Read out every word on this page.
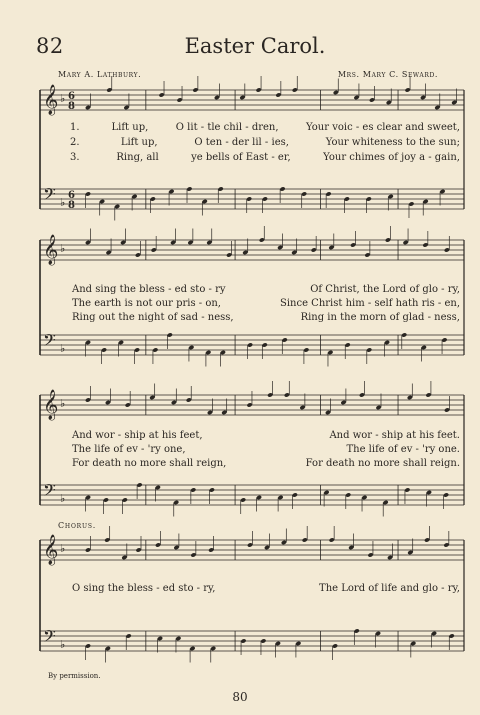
82	Easter Carol.
Mary A. Lathbury.	Mrs. Mary C. Seward.
𝄞
𝄢
♭
♭
6
8
6
8
1.	Lift up,	O lit - tle chil - dren,	Your voic - es clear and sweet,
2.	Lift up,	O ten - der lil - ies,	Your whiteness to the sun;
3.	Ring, all	ye bells of East - er,	Your chimes of joy a - gain,
𝄞
𝄢
♭
♭
And sing the bless - ed sto - ry	Of Christ, the Lord of glo - ry,
The earth is not our pris - on,	Since Christ him - self hath ris - en,
Ring out the night of sad - ness,	Ring in the morn of glad - ness,
𝄞
𝄢
♭
♭
And wor - ship at his feet,	And wor - ship at his feet.
The life of ev - 'ry one,	The life of ev - 'ry one.
For death no more shall reign,	For death no more shall reign.
Chorus.
𝄞
𝄢
♭
♭
O sing the bless - ed sto - ry,	The Lord of life and glo - ry,
By permission.
80
